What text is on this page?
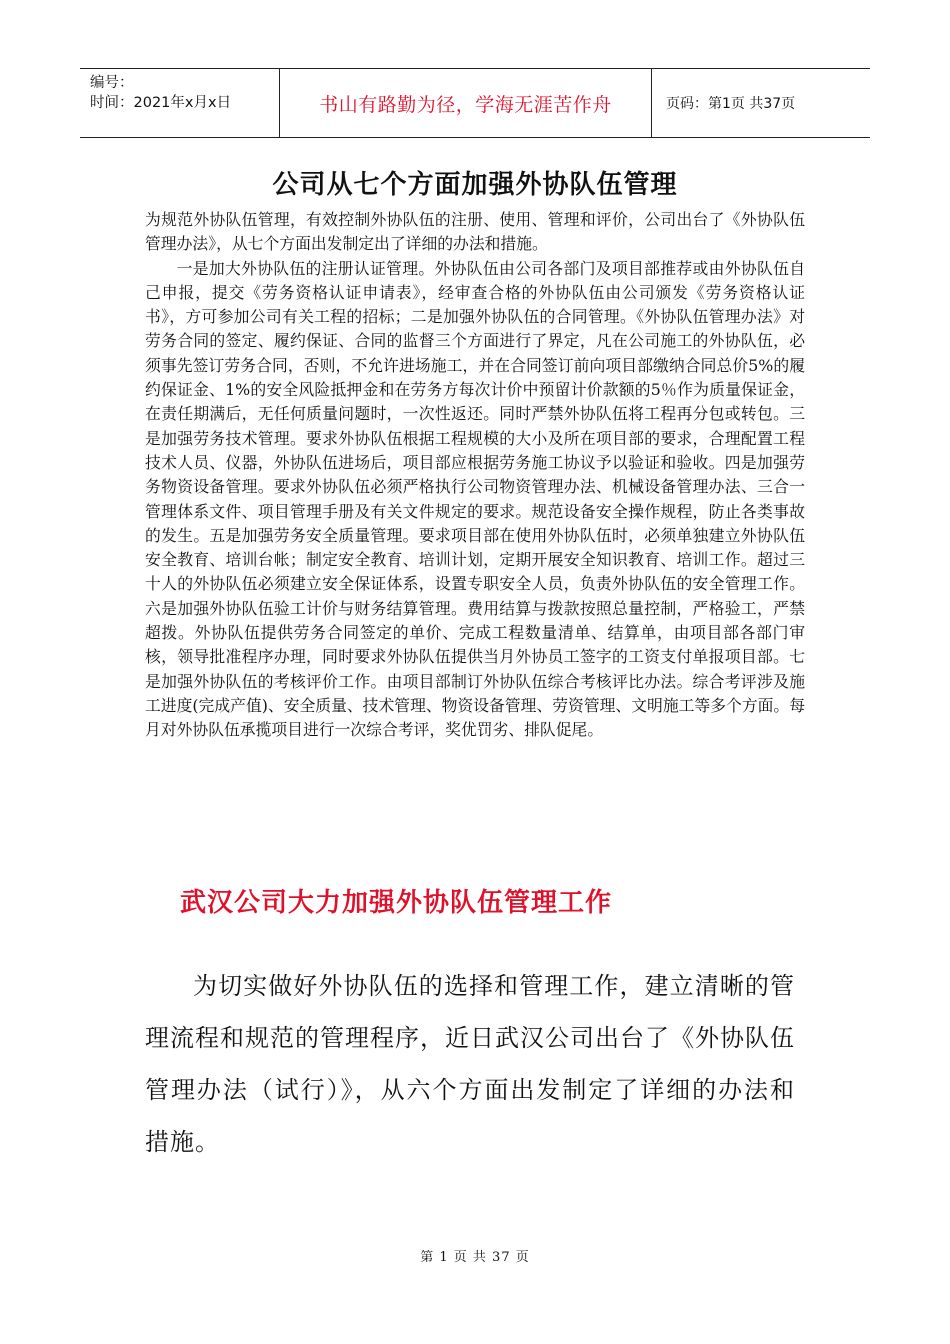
编号：
时间：2021年x月x日	书山有路勤为径，学海无涯苦作舟	页码：第1页 共37页
公司从七个方面加强外协队伍管理

为规范外协队伍管理，有效控制外协队伍的注册、使用、管理和评价，公司出台了《外协队伍管理办法》，从七个方面出发制定出了详细的办法和措施。

一是加大外协队伍的注册认证管理。外协队伍由公司各部门及项目部推荐或由外协队伍自己申报，提交《劳务资格认证申请表》，经审查合格的外协队伍由公司颁发《劳务资格认证书》，方可参加公司有关工程的招标；二是加强外协队伍的合同管理。《外协队伍管理办法》对劳务合同的签定、履约保证、合同的监督三个方面进行了界定，凡在公司施工的外协队伍，必须事先签订劳务合同，否则，不允许进场施工，并在合同签订前向项目部缴纳合同总价5%的履约保证金、1%的安全风险抵押金和在劳务方每次计价中预留计价款额的5％作为质量保证金，在责任期满后，无任何质量问题时，一次性返还。同时严禁外协队伍将工程再分包或转包。三是加强劳务技术管理。要求外协队伍根据工程规模的大小及所在项目部的要求，合理配置工程技术人员、仪器，外协队伍进场后，项目部应根据劳务施工协议予以验证和验收。四是加强劳务物资设备管理。要求外协队伍必须严格执行公司物资管理办法、机械设备管理办法、三合一管理体系文件、项目管理手册及有关文件规定的要求。规范设备安全操作规程，防止各类事故的发生。五是加强劳务安全质量管理。要求项目部在使用外协队伍时，必须单独建立外协队伍安全教育、培训台帐；制定安全教育、培训计划，定期开展安全知识教育、培训工作。超过三十人的外协队伍必须建立安全保证体系，设置专职安全人员，负责外协队伍的安全管理工作。六是加强外协队伍验工计价与财务结算管理。费用结算与拨款按照总量控制，严格验工，严禁超拨。外协队伍提供劳务合同签定的单价、完成工程数量清单、结算单，由项目部各部门审核，领导批准程序办理，同时要求外协队伍提供当月外协员工签字的工资支付单报项目部。七是加强外协队伍的考核评价工作。由项目部制订外协队伍综合考核评比办法。综合考评涉及施工进度(完成产值)、安全质量、技术管理、物资设备管理、劳资管理、文明施工等多个方面。每月对外协队伍承揽项目进行一次综合考评，奖优罚劣、排队促尾。

武汉公司大力加强外协队伍管理工作
为切实做好外协队伍的选择和管理工作，建立清晰的管理流程和规范的管理程序，近日武汉公司出台了《外协队伍管理办法（试行）》，从六个方面出发制定了详细的办法和措施。
第 1 页 共 37 页
